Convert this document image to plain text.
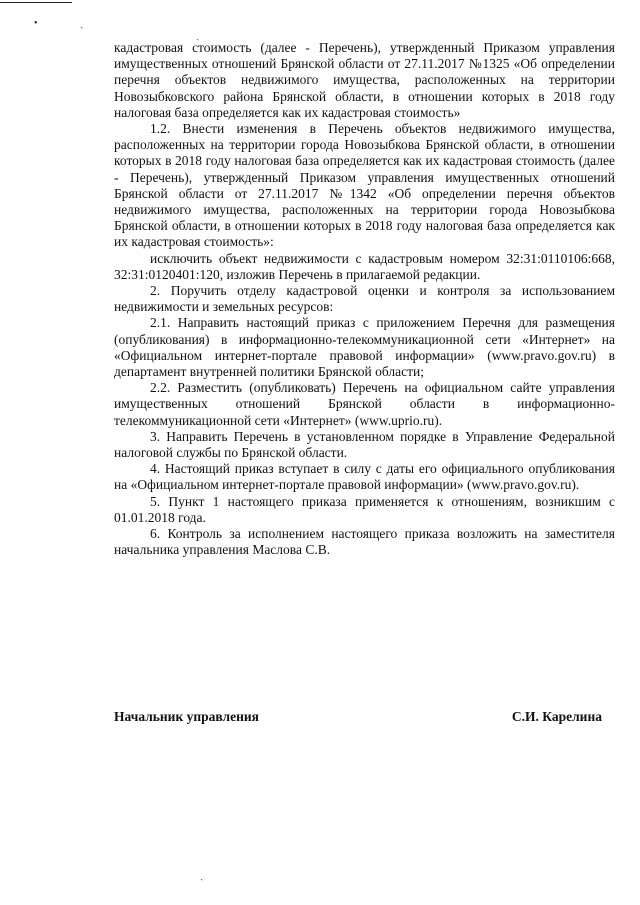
• ˎ
ˎ
ˎ

кадастровая стоимость (далее - Перечень), утвержденный Приказом управления имущественных отношений Брянской области от 27.11.2017 №1325 «Об определении перечня объектов недвижимого имущества, расположенных на территории Новозыбковского района Брянской области, в отношении которых в 2018 году налоговая база определяется как их кадастровая стоимость»

1.2. Внести изменения в Перечень объектов недвижимого имущества, расположенных на территории города Новозыбкова Брянской области, в отношении которых в 2018 году налоговая база определяется как их кадастровая стоимость (далее - Перечень), утвержденный Приказом управления имущественных отношений Брянской области от 27.11.2017 №1342 «Об определении перечня объектов недвижимого имущества, расположенных на территории города Новозыбкова Брянской области, в отношении которых в 2018 году налоговая база определяется как их кадастровая стоимость»:

исключить объект недвижимости с кадастровым номером 32:31:0110106:668, 32:31:0120401:120, изложив Перечень в прилагаемой редакции.

2. Поручить отделу кадастровой оценки и контроля за использованием недвижимости и земельных ресурсов:

2.1. Направить настоящий приказ с приложением Перечня для размещения (опубликования) в информационно-телекоммуникационной сети «Интернет» на «Официальном интернет-портале правовой информации» (www.pravo.gov.ru) в департамент внутренней политики Брянской области;

2.2. Разместить (опубликовать) Перечень на официальном сайте управления имущественных отношений Брянской области в информационно-телекоммуникационной сети «Интернет» (www.uprio.ru).

3. Направить Перечень в установленном порядке в Управление Федеральной налоговой службы по Брянской области.

4. Настоящий приказ вступает в силу с даты его официального опубликования на «Официальном интернет-портале правовой информации» (www.pravo.gov.ru).

5. Пункт 1 настоящего приказа применяется к отношениям, возникшим с 01.01.2018 года.

6. Контроль за исполнением настоящего приказа возложить на заместителя начальника управления Маслова С.В.

Начальник управления	С.И. Карелина
